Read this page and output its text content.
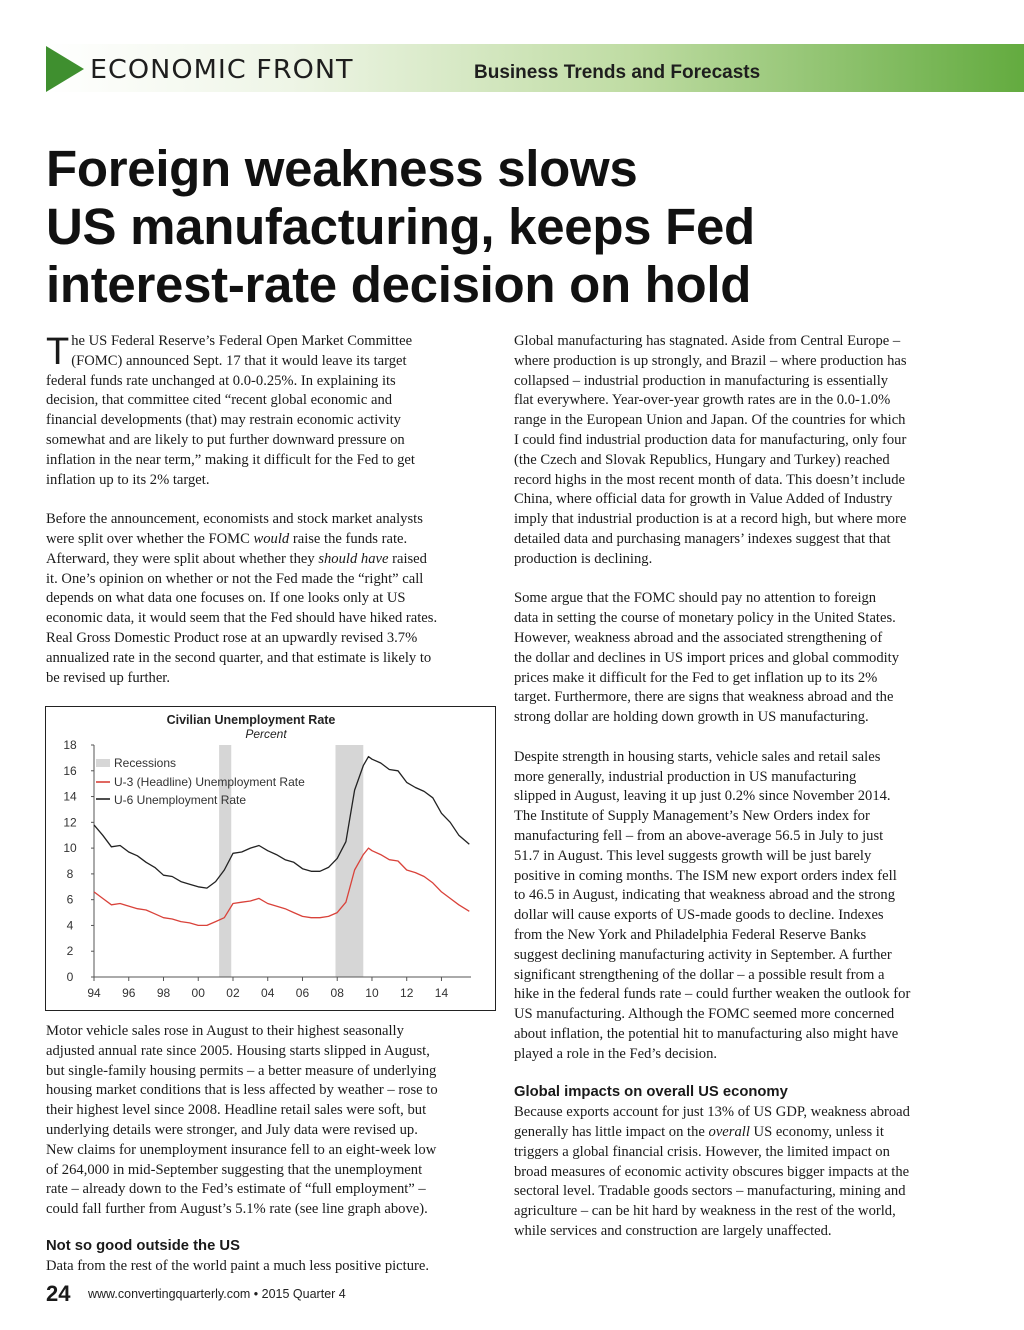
ECONOMIC FRONT	Business Trends and Forecasts
Foreign weakness slows
US manufacturing, keeps Fed
interest-rate decision on hold
T he US Federal Reserve’s Federal Open Market Committee

(FOMC) announced Sept. 17 that it would leave its target

federal funds rate unchanged at 0.0-0.25%. In explaining its

decision, that committee cited “recent global economic and

financial developments (that) may restrain economic activity

somewhat and are likely to put further downward pressure on

inflation in the near term,” making it difficult for the Fed to get

inflation up to its 2% target.

Before the announcement, economists and stock market analysts

were split over whether the FOMC would raise the funds rate.

Afterward, they were split about whether they should have raised

it. One’s opinion on whether or not the Fed made the “right” call

depends on what data one focuses on. If one looks only at US

economic data, it would seem that the Fed should have hiked rates.

Real Gross Domestic Product rose at an upwardly revised 3.7%

annualized rate in the second quarter, and that estimate is likely to

be revised up further.

0
2
4
6
8
10
12
14
16
18
94 96 98 00 02 04 06 08 10 12 14
Civilian Unemployment Rate
Percent
Recessions
U-3 (Headline) Unemployment Rate
U-6 Unemployment Rate

Motor vehicle sales rose in August to their highest seasonally

adjusted annual rate since 2005. Housing starts slipped in August,

but single-family housing permits – a better measure of underlying

housing market conditions that is less affected by weather – rose to

their highest level since 2008. Headline retail sales were soft, but

underlying details were stronger, and July data were revised up.

New claims for unemployment insurance fell to an eight-week low

of 264,000 in mid-September suggesting that the unemployment

rate – already down to the Fed’s estimate of “full employment” –

could fall further from August’s 5.1% rate (see line graph above).

Not so good outside the US

Data from the rest of the world paint a much less positive picture.

Global manufacturing has stagnated. Aside from Central Europe –

where production is up strongly, and Brazil – where production has

collapsed – industrial production in manufacturing is essentially

flat everywhere. Year-over-year growth rates are in the 0.0-1.0%

range in the European Union and Japan. Of the countries for which

I could find industrial production data for manufacturing, only four

(the Czech and Slovak Republics, Hungary and Turkey) reached

record highs in the most recent month of data. This doesn’t include

China, where official data for growth in Value Added of Industry

imply that industrial production is at a record high, but where more

detailed data and purchasing managers’ indexes suggest that that

production is declining.

Some argue that the FOMC should pay no attention to foreign

data in setting the course of monetary policy in the United States.

However, weakness abroad and the associated strengthening of

the dollar and declines in US import prices and global commodity

prices make it difficult for the Fed to get inflation up to its 2%

target. Furthermore, there are signs that weakness abroad and the

strong dollar are holding down growth in US manufacturing.

Despite strength in housing starts, vehicle sales and retail sales

more generally, industrial production in US manufacturing

slipped in August, leaving it up just 0.2% since November 2014.

The Institute of Supply Management’s New Orders index for

manufacturing fell – from an above-average 56.5 in July to just

51.7 in August. This level suggests growth will be just barely

positive in coming months. The ISM new export orders index fell

to 46.5 in August, indicating that weakness abroad and the strong

dollar will cause exports of US-made goods to decline. Indexes

from the New York and Philadelphia Federal Reserve Banks

suggest declining manufacturing activity in September. A further

significant strengthening of the dollar – a possible result from a

hike in the federal funds rate – could further weaken the outlook for

US manufacturing. Although the FOMC seemed more concerned

about inflation, the potential hit to manufacturing also might have

played a role in the Fed’s decision.

Global impacts on overall US economy

Because exports account for just 13% of US GDP, weakness abroad

generally has little impact on the overall US economy, unless it

triggers a global financial crisis. However, the limited impact on

broad measures of economic activity obscures bigger impacts at the

sectoral level. Tradable goods sectors – manufacturing, mining and

agriculture – can be hit hard by weakness in the rest of the world,

while services and construction are largely unaffected.

24 www.convertingquarterly.com • 2015 Quarter 4
